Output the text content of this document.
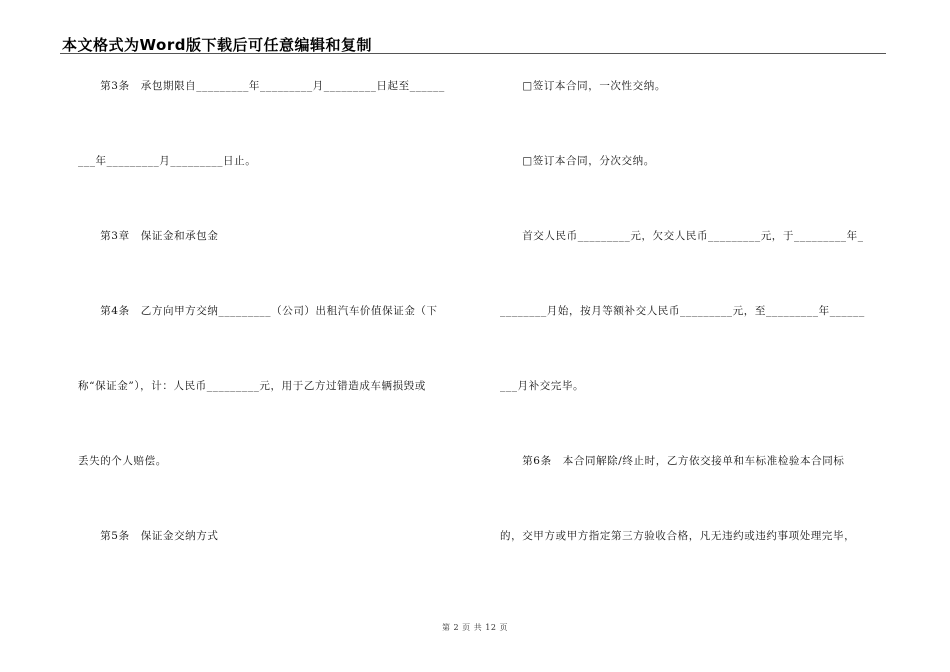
本文格式为Word版下载后可任意编辑和复制
　　第3条　承包期限自_________年_________月_________日起至______
___年_________月_________日止。
　　第3章　保证金和承包金
　　第4条　乙方向甲方交纳_________（公司）出租汽车价值保证金（下
称“保证金”），计：人民币_________元，用于乙方过错造成车辆损毁或
丢失的个人赔偿。
　　第5条　保证金交纳方式
　　□签订本合同，一次性交纳。
　　□签订本合同，分次交纳。
　　首交人民币_________元，欠交人民币_________元，于_________年_
________月始，按月等额补交人民币_________元，至_________年______
___月补交完毕。
　　第6条　本合同解除/终止时，乙方依交接单和车标准检验本合同标
的，交甲方或甲方指定第三方验收合格，凡无违约或违约事项处理完毕，
第 2 页 共 12 页
